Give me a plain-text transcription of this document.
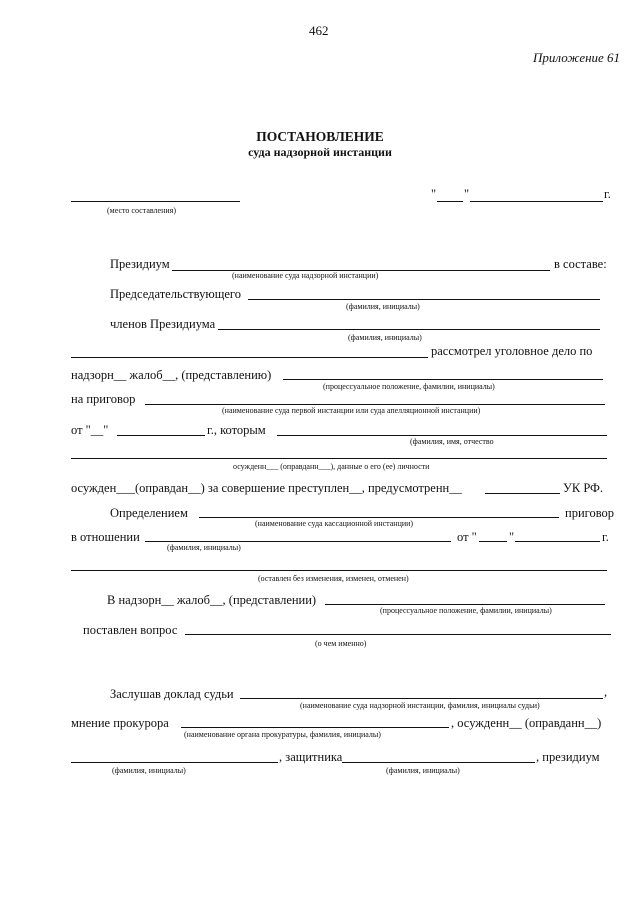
462
Приложение 61
ПОСТАНОВЛЕНИЕ
суда надзорной инстанции
(место составления)
" "	г.
Президиум	в составе:
(наименование суда надзорной инстанции)
Председательствующего
(фамилия, инициалы)
членов Президиума
(фамилия, инициалы)
рассмотрел уголовное дело по
надзорн__ жалоб__, (представлению)
(процессуальное положение, фамилии, инициалы)
на приговор
(наименование суда первой инстанции или суда апелляционной инстанции)
от "__"	г., которым
(фамилия, имя, отчество
осужденн___ (оправданн___), данные о его (ее) личности
осужден___(оправдан__) за совершение преступлен__, предусмотренн__	УК РФ.
Определением	приговор
(наименование суда кассационной инстанции)
в отношении	от "	"	г.
(фамилия, инициалы)
(оставлен без изменения, изменен, отменен)
В надзорн__ жалоб__, (представлении)
(процессуальное положение, фамилии, инициалы)
поставлен вопрос
(о чем именно)
Заслушав доклад судьи	,
(наименование суда надзорной инстанции, фамилия, инициалы судьи)
мнение прокурора	, осужденн__ (оправданн__)
(наименование органа прокуратуры, фамилия, инициалы)
, защитника	, президиум
(фамилия, инициалы)	(фамилия, инициалы)
